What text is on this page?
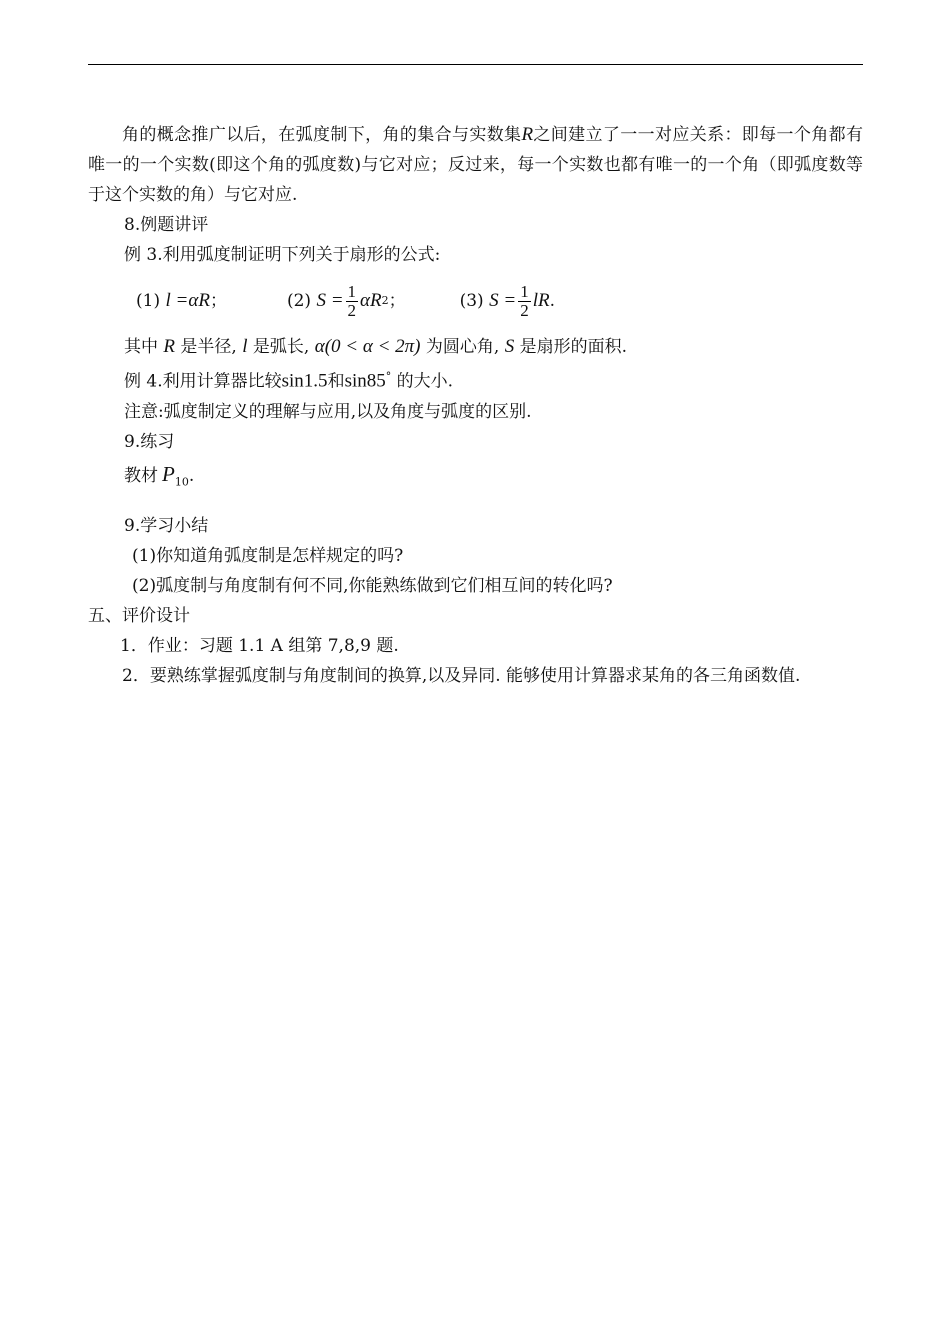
角的概念推广以后，在弧度制下，角的集合与实数集R之间建立了一一对应关系：即每一个角都有唯一的一个实数(即这个角的弧度数)与它对应；反过来，每一个实数也都有唯一的一个角（即弧度数等于这个实数的角）与它对应.
8.例题讲评
例 3.利用弧度制证明下列关于扇形的公式:
(1)
l =αR ；	(2)
$S = \frac{1}{2}$ αR 2 ；	(3)
$S = \frac{1}{2}$ lR .
其中 R 是半径, l 是弧长, α(0 < α < 2π) 为圆心角, S 是扇形的面积.
例 4.利用计算器比较sin1.5和sin85° 的大小.
注意:弧度制定义的理解与应用,以及角度与弧度的区别.
9.练习
教材 $P_{10}$.
9.学习小结
(1)你知道角弧度制是怎样规定的吗?
(2)弧度制与角度制有何不同,你能熟练做到它们相互间的转化吗?
五、评价设计
1．作业：习题 1.1 A 组第 7,8,9 题.
2．要熟练掌握弧度制与角度制间的换算,以及异同. 能够使用计算器求某角的各三角函数值.
